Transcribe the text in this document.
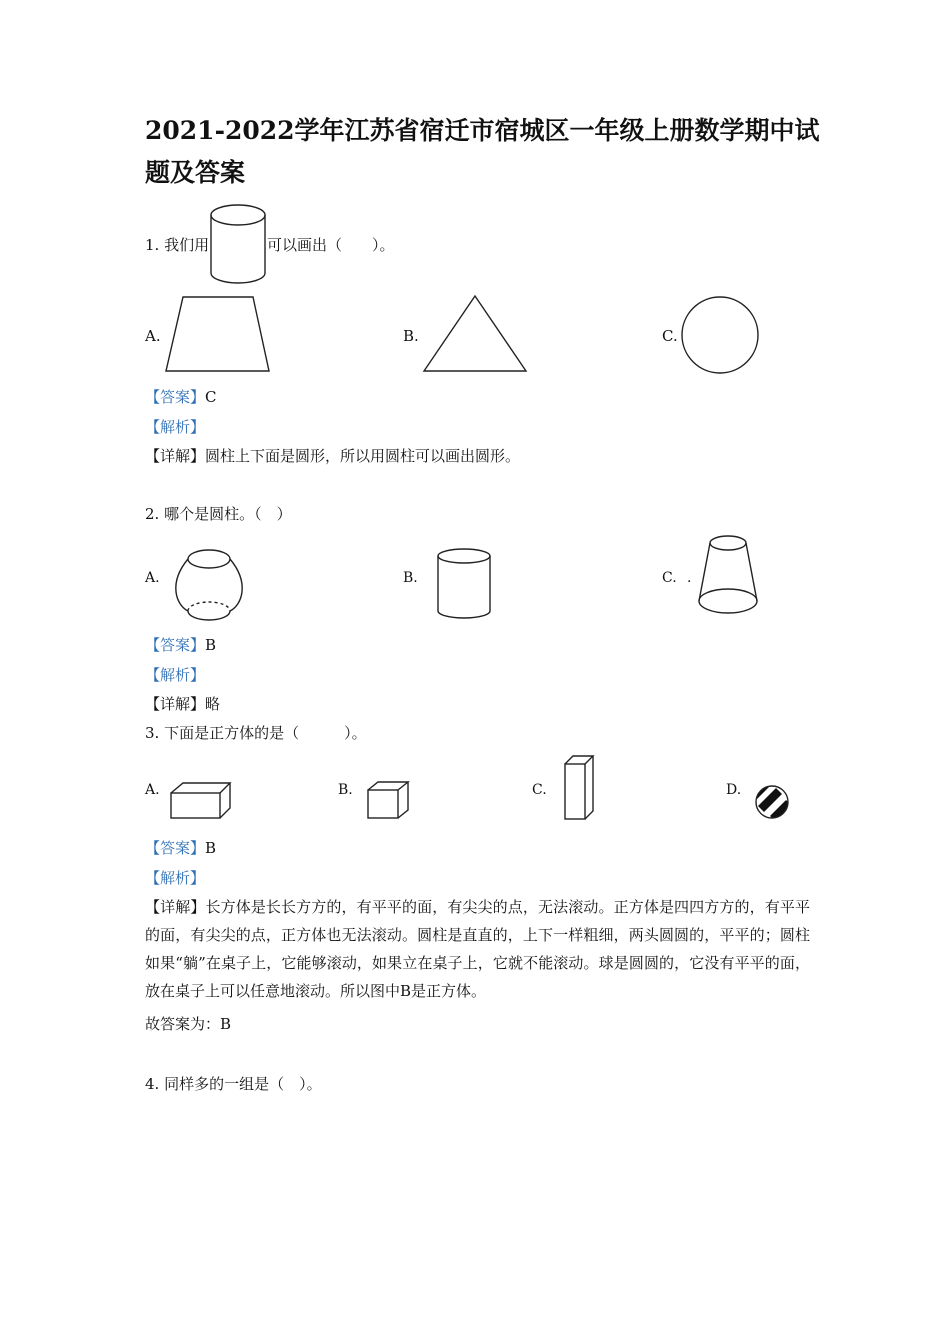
2021-2022学年江苏省宿迁市宿城区一年级上册数学期中试
题及答案
1. 我们用	可以画出（　　）。
A.	B.	C.
【答案】C
【解析】
【详解】圆柱上下面是圆形，所以用圆柱可以画出圆形。
2. 哪个是圆柱。（　）
A.	B.	C. .
【答案】B
【解析】
【详解】略
3. 下面是正方体的是（　　　）。
A.	B.	C.	D.
【答案】B
【解析】
【详解】长方体是长长方方的，有平平的面，有尖尖的点，无法滚动。正方体是四四方方的，有平平的面，有尖尖的点，正方体也无法滚动。圆柱是直直的，上下一样粗细，两头圆圆的，平平的；圆柱如果“躺”在桌子上，它能够滚动，如果立在桌子上，它就不能滚动。球是圆圆的，它没有平平的面，放在桌子上可以任意地滚动。所以图中B是正方体。
故答案为：B
4. 同样多的一组是（　）。
